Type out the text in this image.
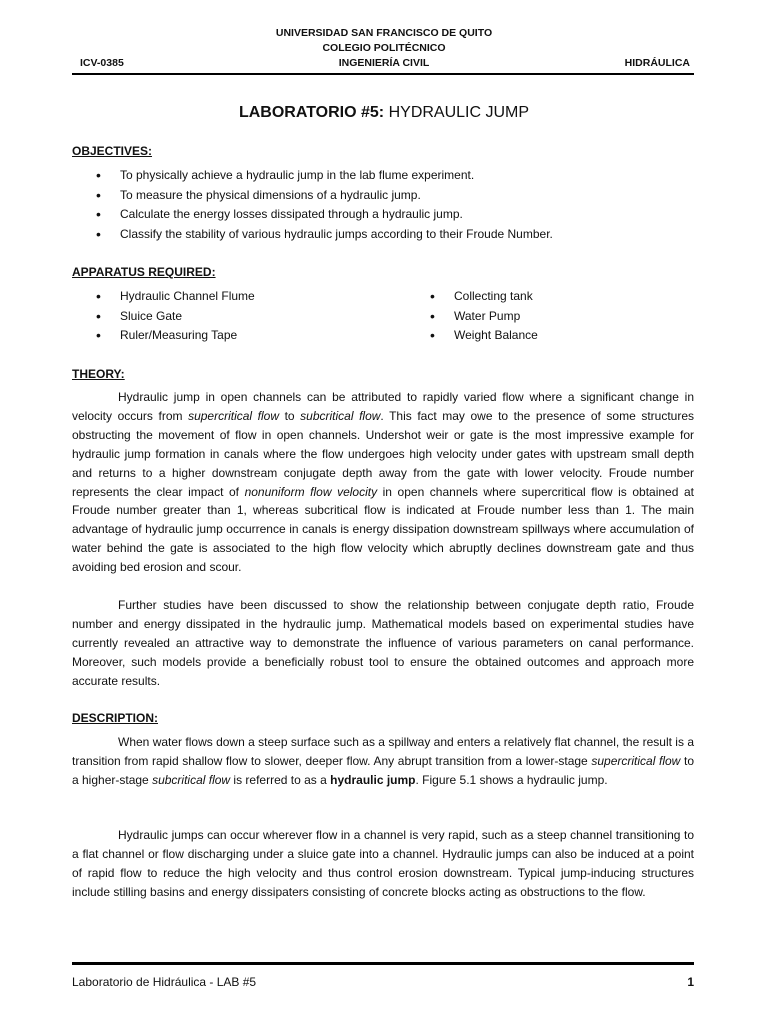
UNIVERSIDAD SAN FRANCISCO DE QUITO
COLEGIO POLITÉCNICO
ICV-0385	INGENIERÍA CIVIL	HIDRÁULICA
LABORATORIO #5: HYDRAULIC JUMP
OBJECTIVES:
• To physically achieve a hydraulic jump in the lab flume experiment.
• To measure the physical dimensions of a hydraulic jump.
• Calculate the energy losses dissipated through a hydraulic jump.
• Classify the stability of various hydraulic jumps according to their Froude Number.
APPARATUS REQUIRED:
• Hydraulic Channel Flume
• Sluice Gate
• Ruler/Measuring Tape
• Collecting tank
• Water Pump
• Weight Balance
THEORY:

Hydraulic jump in open channels can be attributed to rapidly varied flow where a significant change in velocity occurs from supercritical flow to subcritical flow. This fact may owe to the presence of some structures obstructing the movement of flow in open channels. Undershot weir or gate is the most impressive example for hydraulic jump formation in canals where the flow undergoes high velocity under gates with upstream small depth and returns to a higher downstream conjugate depth away from the gate with lower velocity. Froude number represents the clear impact of nonuniform flow velocity in open channels where supercritical flow is obtained at Froude number greater than 1, whereas subcritical flow is indicated at Froude number less than 1. The main advantage of hydraulic jump occurrence in canals is energy dissipation downstream spillways where accumulation of water behind the gate is associated to the high flow velocity which abruptly declines downstream gate and thus avoiding bed erosion and scour.

Further studies have been discussed to show the relationship between conjugate depth ratio, Froude number and energy dissipated in the hydraulic jump. Mathematical models based on experimental studies have currently revealed an attractive way to demonstrate the influence of various parameters on canal performance. Moreover, such models provide a beneficially robust tool to ensure the obtained outcomes and approach more accurate results.

DESCRIPTION:

When water flows down a steep surface such as a spillway and enters a relatively flat channel, the result is a transition from rapid shallow flow to slower, deeper flow. Any abrupt transition from a lower-stage supercritical flow to a higher-stage subcritical flow is referred to as a hydraulic jump. Figure 5.1 shows a hydraulic jump.

Hydraulic jumps can occur wherever flow in a channel is very rapid, such as a steep channel transitioning to a flat channel or flow discharging under a sluice gate into a channel. Hydraulic jumps can also be induced at a point of rapid flow to reduce the high velocity and thus control erosion downstream. Typical jump-inducing structures include stilling basins and energy dissipaters consisting of concrete blocks acting as obstructions to the flow.

Laboratorio de Hidráulica - LAB #5	1
